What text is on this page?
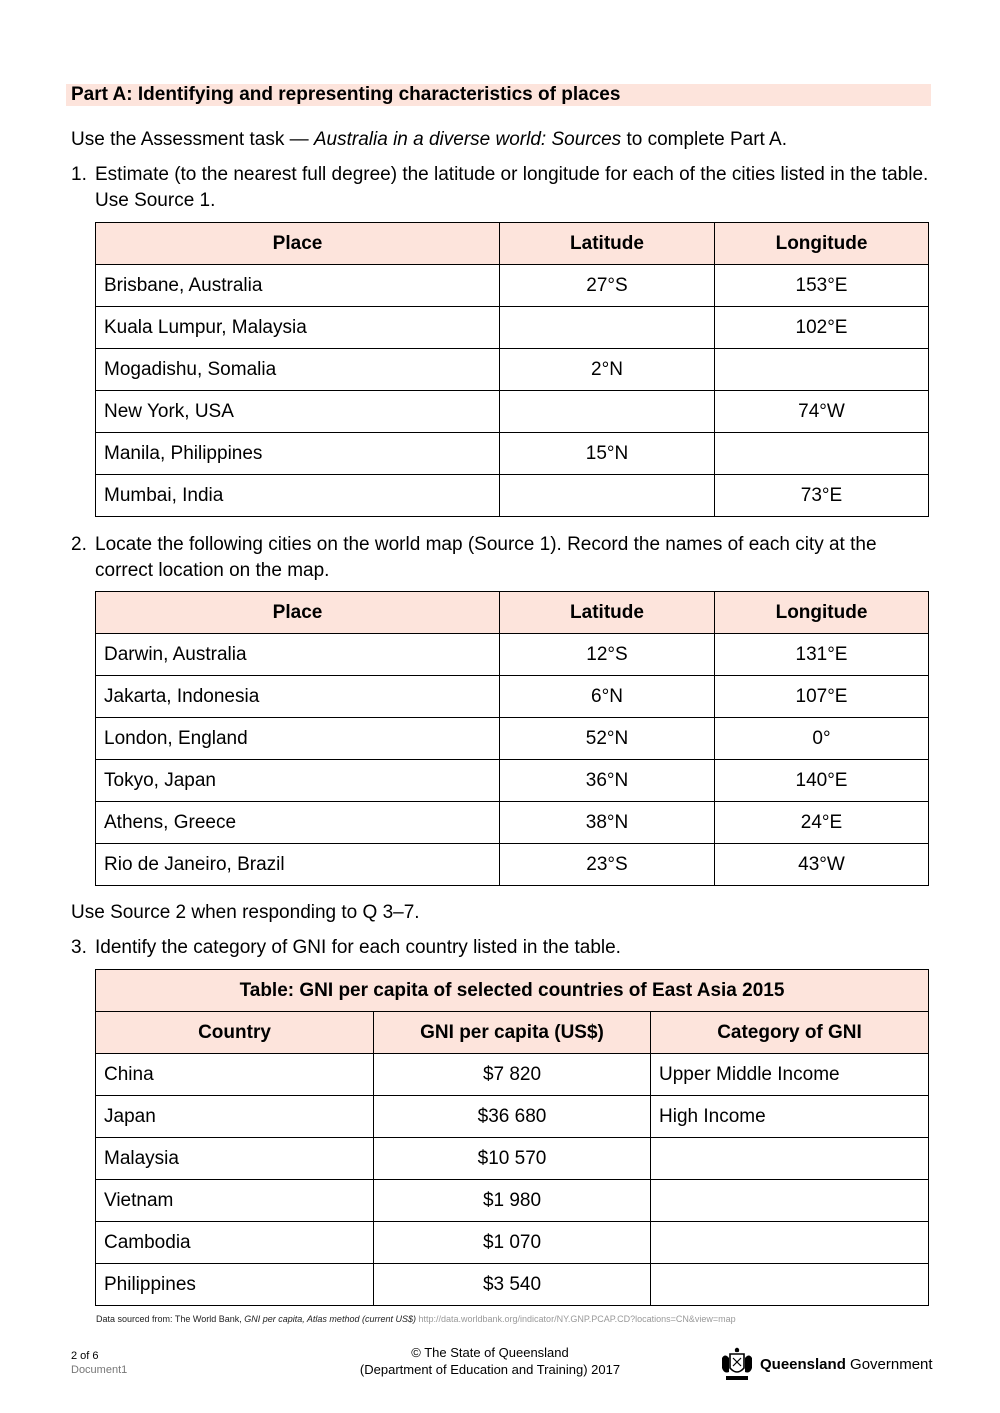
Part A: Identifying and representing characteristics of places
Use the Assessment task — Australia in a diverse world: Sources to complete Part A.
1. Estimate (to the nearest full degree) the latitude or longitude for each of the cities listed in the table. Use Source 1.
Place	Latitude	Longitude
Brisbane, Australia	27°S	153°E
Kuala Lumpur, Malaysia		102°E
Mogadishu, Somalia	2°N	
New York, USA		74°W
Manila, Philippines	15°N	
Mumbai, India		73°E
2. Locate the following cities on the world map (Source 1). Record the names of each city at the correct location on the map.
Place	Latitude	Longitude
Darwin, Australia	12°S	131°E
Jakarta, Indonesia	6°N	107°E
London, England	52°N	0°
Tokyo, Japan	36°N	140°E
Athens, Greece	38°N	24°E
Rio de Janeiro, Brazil	23°S	43°W
Use Source 2 when responding to Q 3–7.
3. Identify the category of GNI for each country listed in the table.
Table: GNI per capita of selected countries of East Asia 2015		
Country	GNI per capita (US$)	Category of GNI
China	$7 820	Upper Middle Income
Japan	$36 680	High Income
Malaysia	$10 570	
Vietnam	$1 980	
Cambodia	$1 070	
Philippines	$3 540	
Data sourced from: The World Bank, GNI per capita, Atlas method (current US$) http://data.worldbank.org/indicator/NY.GNP.PCAP.CD?locations=CN&view=map
2 of 6
Document1
© The State of Queensland
(Department of Education and Training) 2017	Queensland Government
